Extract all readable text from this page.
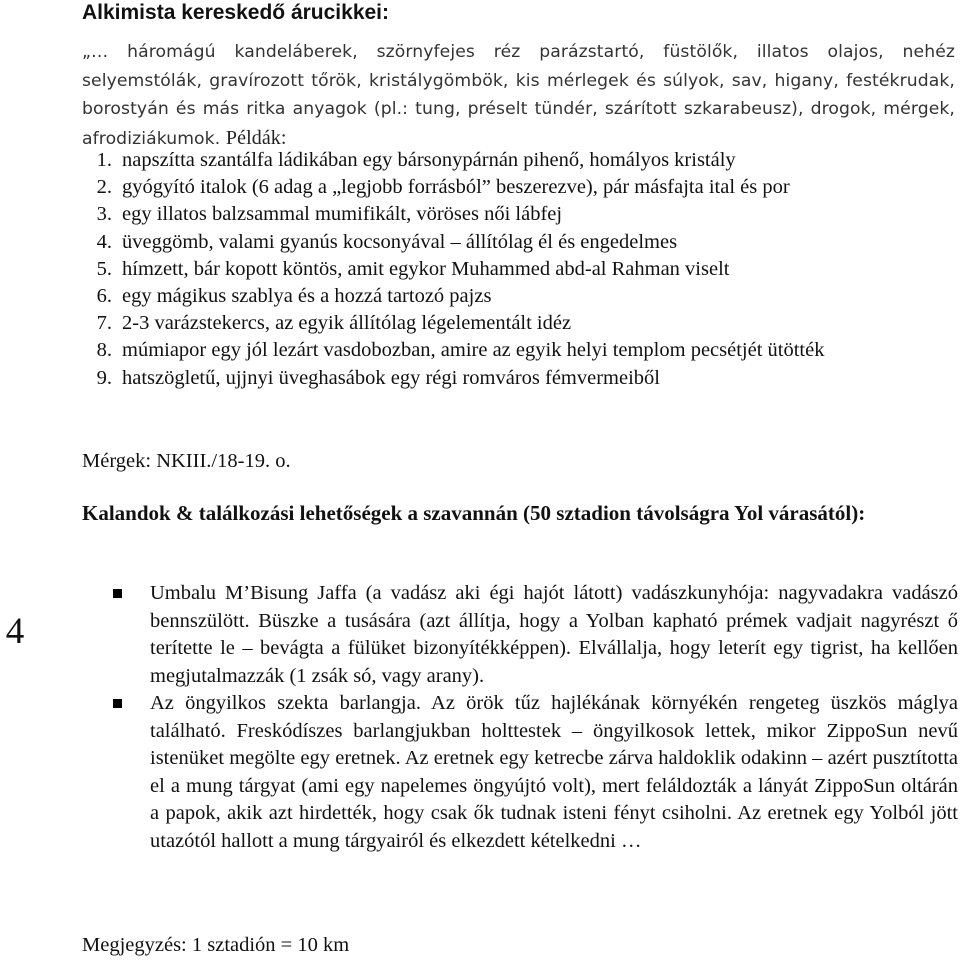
Alkimista kereskedő árucikkei:
„… háromágú kandeláberek, szörnyfejes réz parázstartó, füstölők, illatos olajos, nehéz selyemstólák, gravírozott tőrök, kristálygömbök, kis mérlegek és súlyok, sav, higany, festékrudak, borostyán és más ritka anyagok (pl.: tung, préselt tündér, szárított szkarabeusz), drogok, mérgek, afrodiziákumok. Példák:
1. napszítta szantálfa ládikában egy bársonypárnán pihenő, homályos kristály
2. gyógyító italok (6 adag a „legjobb forrásból” beszerezve), pár másfajta ital és por
3. egy illatos balzsammal mumifikált, vöröses női lábfej
4. üveggömb, valami gyanús kocsonyával – állítólag él és engedelmes
5. hímzett, bár kopott köntös, amit egykor Muhammed abd-al Rahman viselt
6. egy mágikus szablya és a hozzá tartozó pajzs
7. 2-3 varázstekercs, az egyik állítólag légelementált idéz
8. múmiapor egy jól lezárt vasdobozban, amire az egyik helyi templom pecsétjét ütötték
9. hatszögletű, ujjnyi üveghasábok egy régi romváros fémvermeiből
Mérgek: NKIII./18-19. o.
Kalandok & találkozási lehetőségek a szavannán (50 sztadion távolságra Yol várasától):
4
Umbalu M’Bisung Jaffa (a vadász aki égi hajót látott) vadászkunyhója: nagyvadakra vadászó bennszülött. Büszke a tusására (azt állítja, hogy a Yolban kapható prémek vadjait nagyrészt ő terítette le – bevágta a fülüket bizonyítékképpen). Elvállalja, hogy leterít egy tigrist, ha kellően megjutalmazzák (1 zsák só, vagy arany).
Az öngyilkos szekta barlangja. Az örök tűz hajlékának környékén rengeteg üszkös máglya található. Freskódíszes barlangjukban holttestek – öngyilkosok lettek, mikor ZippoSun nevű istenüket megölte egy eretnek. Az eretnek egy ketrecbe zárva haldoklik odakinn – azért pusztította el a mung tárgyat (ami egy napelemes öngyújtó volt), mert feláldozták a lányát ZippoSun oltárán a papok, akik azt hirdették, hogy csak ők tudnak isteni fényt csiholni. Az eretnek egy Yolból jött utazótól hallott a mung tárgyairól és elkezdett kételkedni …
Megjegyzés: 1 sztadión = 10 km
